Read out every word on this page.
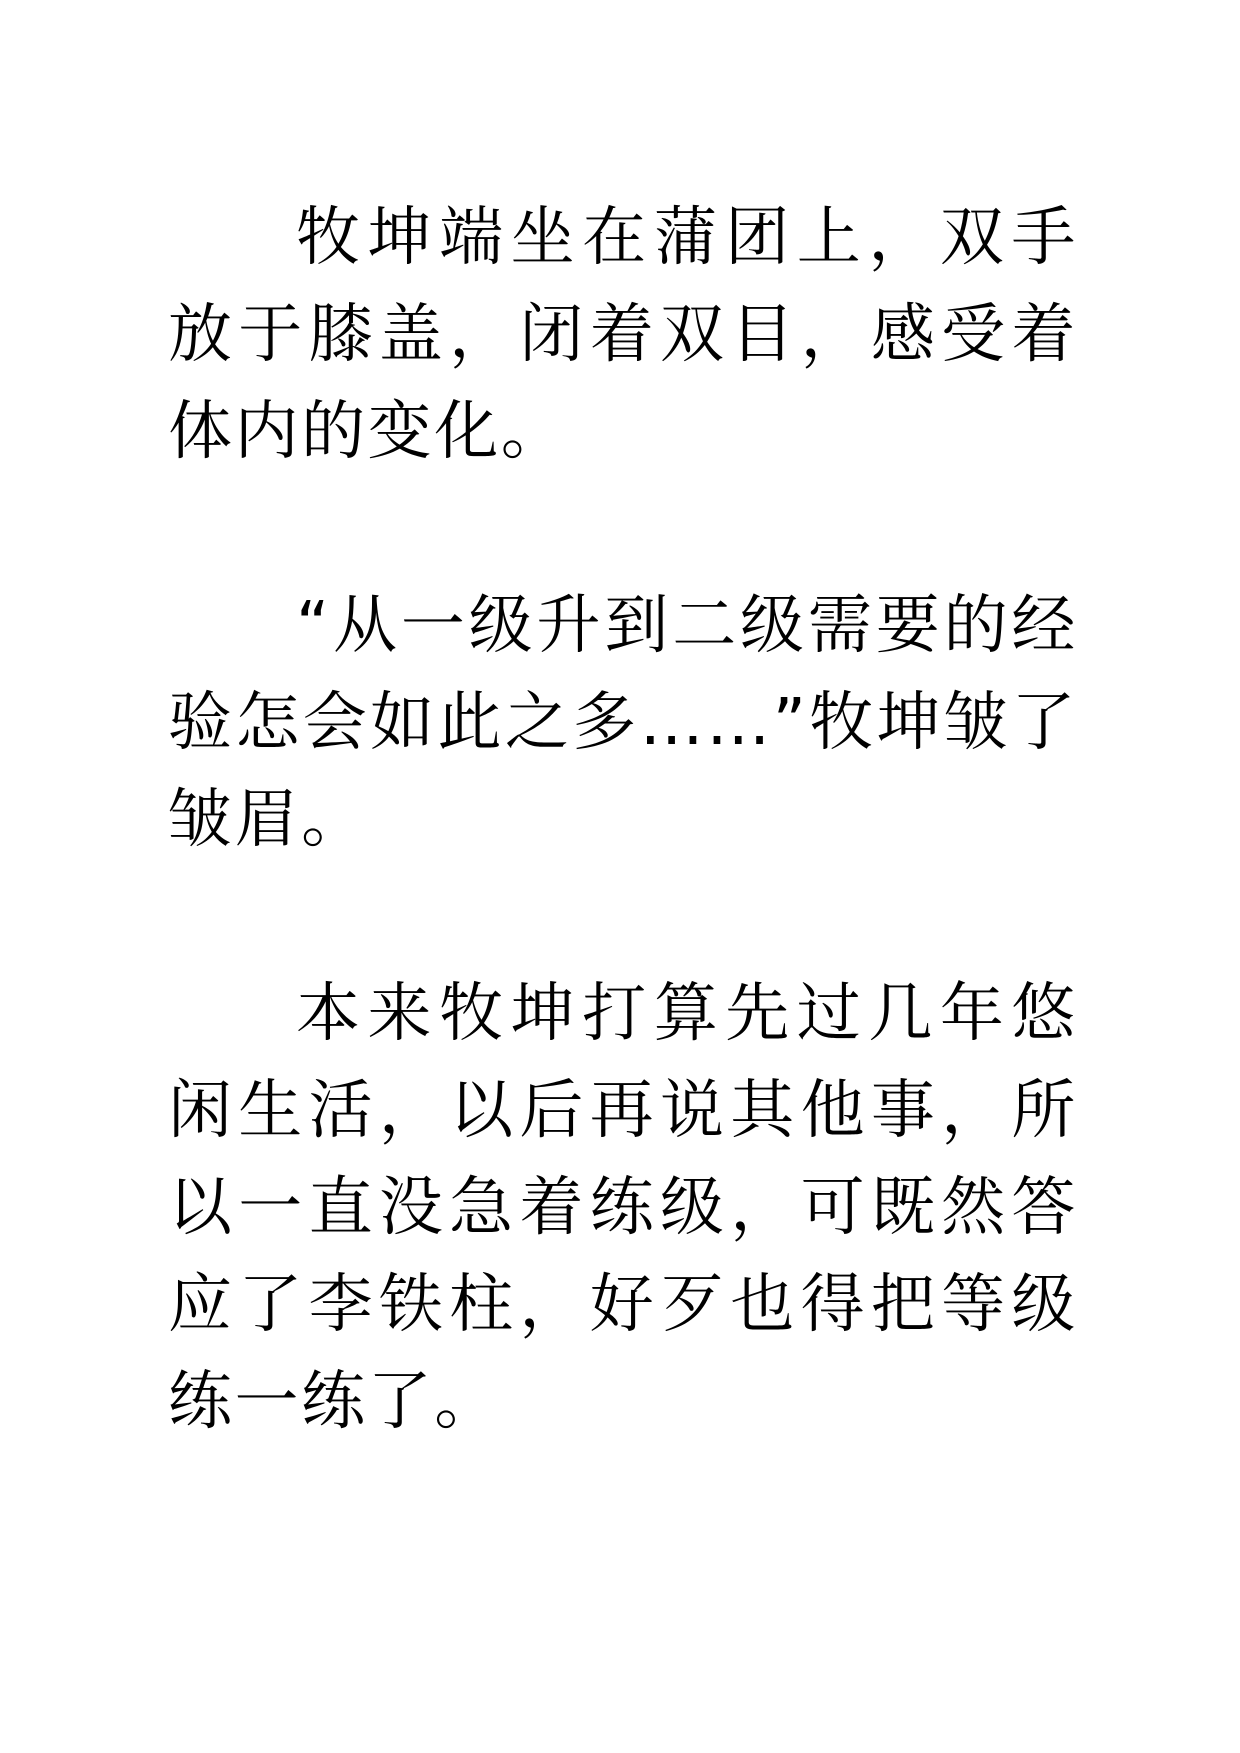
牧坤端坐在蒲团上，双手放于膝盖，闭着双目，感受着体内的变化。

“从一级升到二级需要的经验怎会如此之多……”牧坤皱了皱眉。

本来牧坤打算先过几年悠闲生活，以后再说其他事，所以一直没急着练级，可既然答应了李铁柱，好歹也得把等级练一练了。
